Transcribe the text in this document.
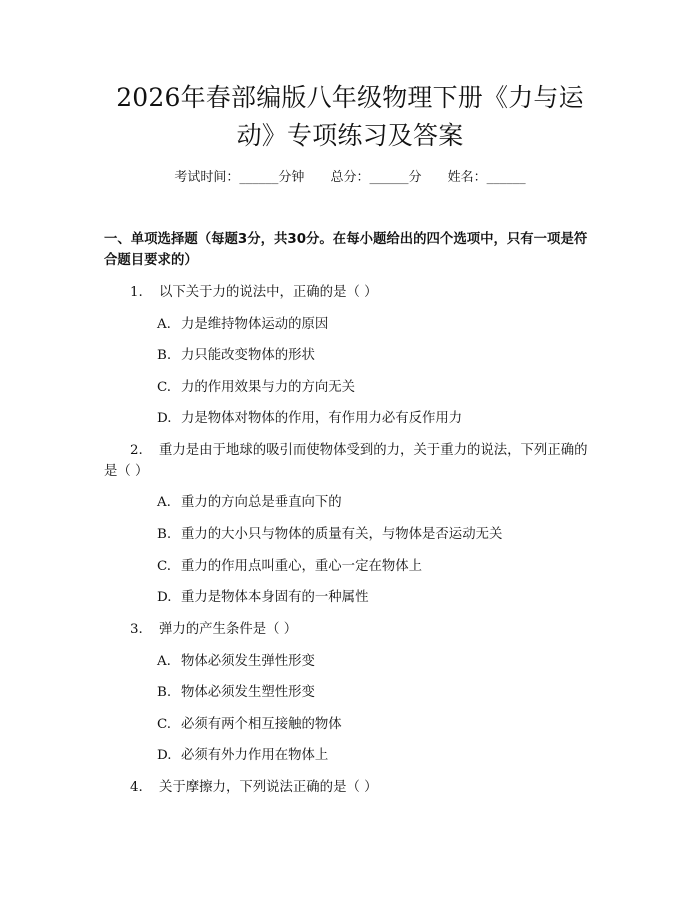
2026年春部编版八年级物理下册《力与运动》专项练习及答案
考试时间：______分钟 总分：______分 姓名：______
一、单项选择题（每题3分，共30分。在每小题给出的四个选项中，只有一项是符合题目要求的）
1. 以下关于力的说法中，正确的是（ ）
A. 力是维持物体运动的原因
B. 力只能改变物体的形状
C. 力的作用效果与力的方向无关
D. 力是物体对物体的作用，有作用力必有反作用力
2. 重力是由于地球的吸引而使物体受到的力，关于重力的说法，下列正确的是（ ）
A. 重力的方向总是垂直向下的
B. 重力的大小只与物体的质量有关，与物体是否运动无关
C. 重力的作用点叫重心，重心一定在物体上
D. 重力是物体本身固有的一种属性
3. 弹力的产生条件是（ ）
A. 物体必须发生弹性形变
B. 物体必须发生塑性形变
C. 必须有两个相互接触的物体
D. 必须有外力作用在物体上
4. 关于摩擦力，下列说法正确的是（ ）
